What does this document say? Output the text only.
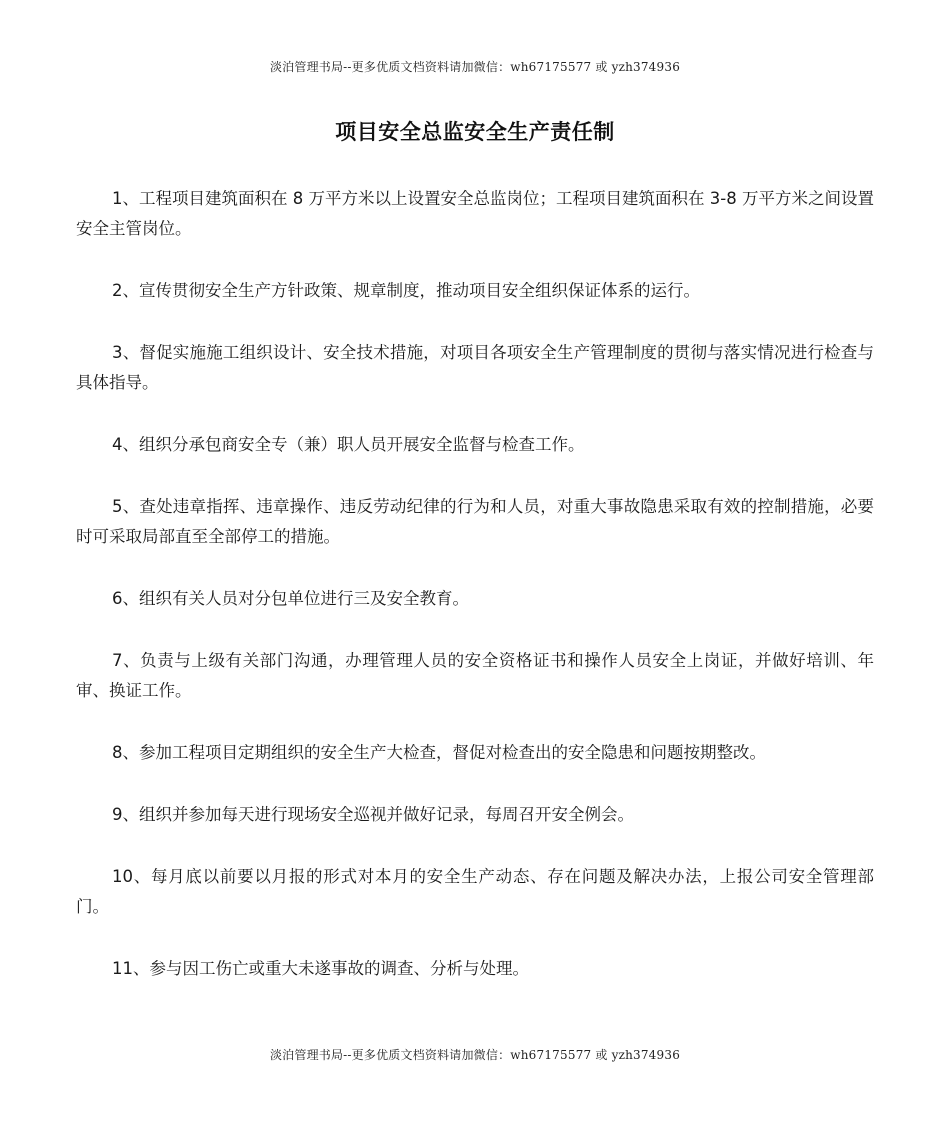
淡泊管理书局--更多优质文档资料请加微信：wh67175577 或 yzh374936
项目安全总监安全生产责任制

1、工程项目建筑面积在 8 万平方米以上设置安全总监岗位；工程项目建筑面积在 3-8 万平方米之间设置安全主管岗位。

2、宣传贯彻安全生产方针政策、规章制度，推动项目安全组织保证体系的运行。

3、督促实施施工组织设计、安全技术措施，对项目各项安全生产管理制度的贯彻与落实情况进行检查与具体指导。

4、组织分承包商安全专（兼）职人员开展安全监督与检查工作。

5、查处违章指挥、违章操作、违反劳动纪律的行为和人员，对重大事故隐患采取有效的控制措施，必要时可采取局部直至全部停工的措施。

6、组织有关人员对分包单位进行三及安全教育。

7、负责与上级有关部门沟通，办理管理人员的安全资格证书和操作人员安全上岗证，并做好培训、年审、换证工作。

8、参加工程项目定期组织的安全生产大检查，督促对检查出的安全隐患和问题按期整改。

9、组织并参加每天进行现场安全巡视并做好记录，每周召开安全例会。

10、每月底以前要以月报的形式对本月的安全生产动态、存在问题及解决办法，上报公司安全管理部门。

11、参与因工伤亡或重大未遂事故的调查、分析与处理。

淡泊管理书局--更多优质文档资料请加微信：wh67175577 或 yzh374936
